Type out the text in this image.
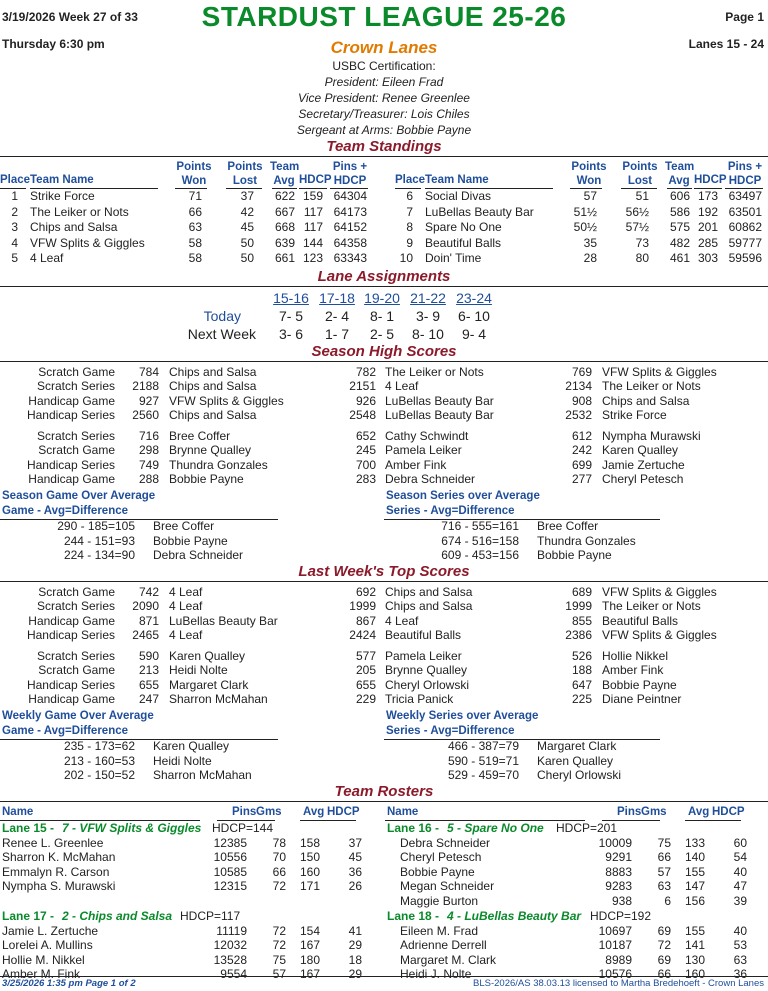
3/19/2026 Week 27 of 33	STARDUST LEAGUE 25-26	Page 1
Thursday 6:30 pm	Crown Lanes	Lanes 15 - 24
USBC Certification:
President: Eileen Frad
Vice President: Renee Greenlee
Secretary/Treasurer: Lois Chiles
Sergeant at Arms: Bobbie Payne
Team Standings
Place Team Name
Points Won
Points Lost
Team Avg HDCP
Pins + HDCP
1 Strike Force	71	37	622 159 64304
2 The Leiker or Nots	66	42	667 117 64173
3 Chips and Salsa	63	45	668 117 64152
4 VFW Splits & Giggles	58	50	639 144 64358
5 4 Leaf	58	50	661 123 63343
Place Team Name
Points Won
Points Lost
Team Avg HDCP
Pins + HDCP
6 Social Divas	57	51	606 173 63497
7 LuBellas Beauty Bar	51½	56½	586 192 63501
8 Spare No One	50½	57½	575 201 60862
9 Beautiful Balls	35	73	482 285 59777
10 Doin' Time	28	80	461 303 59596
Lane Assignments
15-16 17-18 19-20 21-22 23-24
Today
Next Week
7- 5	2- 4	8- 1	3- 9	6- 10
3- 6	1- 7	2- 5	8- 10	9- 4
Season High Scores
Scratch Game	784 Chips and Salsa	782 The Leiker or Nots	769 VFW Splits & Giggles
Scratch Series	2188 Chips and Salsa	2151 4 Leaf	2134 The Leiker or Nots
Handicap Game	927 VFW Splits & Giggles	926 LuBellas Beauty Bar	908 Chips and Salsa
Handicap Series	2560 Chips and Salsa	2548 LuBellas Beauty Bar	2532 Strike Force
Scratch Series	716 Bree Coffer	652 Cathy Schwindt	612 Nympha Murawski
Scratch Game	298 Brynne Qualley	245 Pamela Leiker	242 Karen Qualley
Handicap Series	749 Thundra Gonzales	700 Amber Fink	699 Jamie Zertuche
Handicap Game	288 Bobbie Payne	283 Debra Schneider	277 Cheryl Petesch
Season Game Over Average
Game - Avg=Difference
Season Series over Average
Series - Avg=Difference
290 - 185=105 Bree Coffer
244 - 151=93 Bobbie Payne
224 - 134=90 Debra Schneider
716 - 555=161 Bree Coffer
674 - 516=158 Thundra Gonzales
609 - 453=156 Bobbie Payne
Last Week's Top Scores
Scratch Game	742 4 Leaf	692 Chips and Salsa	689 VFW Splits & Giggles
Scratch Series	2090 4 Leaf	1999 Chips and Salsa	1999 The Leiker or Nots
Handicap Game	871 LuBellas Beauty Bar	867 4 Leaf	855 Beautiful Balls
Handicap Series	2465 4 Leaf	2424 Beautiful Balls	2386 VFW Splits & Giggles
Scratch Series	590 Karen Qualley	577 Pamela Leiker	526 Hollie Nikkel
Scratch Game	213 Heidi Nolte	205 Brynne Qualley	188 Amber Fink
Handicap Series	655 Margaret Clark	655 Cheryl Orlowski	647 Bobbie Payne
Handicap Game	247 Sharron McMahan	229 Tricia Panick	225 Diane Peintner
Weekly Game Over Average
Game - Avg=Difference
Weekly Series over Average
Series - Avg=Difference
235 - 173=62 Karen Qualley
213 - 160=53 Heidi Nolte
202 - 150=52 Sharron McMahan
466 - 387=79 Margaret Clark
590 - 519=71 Karen Qualley
529 - 459=70 Cheryl Orlowski
Team Rosters
Name	Pins Gms Avg HDCP Name	Pins Gms Avg HDCP
Lane 15 - 7 - VFW Splits & Giggles HDCP=144
Renee L. Greenlee	12385	78	158	37
Sharron K. McMahan	10556	70	150	45
Emmalyn R. Carson	10585	66	160	36
Nympha S. Murawski	12315	72	171	26
Lane 16 - 5 - Spare No One HDCP=201
Debra Schneider	10009	75	133	60
Cheryl Petesch	9291	66	140	54
Bobbie Payne	8883	57	155	40
Megan Schneider	9283	63	147	47
Maggie Burton	938	6	156	39
Lane 17 - 2 - Chips and Salsa HDCP=117
Jamie L. Zertuche	11119	72	154	41
Lorelei A. Mullins	12032	72	167	29
Hollie M. Nikkel	13528	75	180	18
Amber M. Fink	9554	57	167	29
Lane 18 - 4 - LuBellas Beauty Bar HDCP=192
Eileen M. Frad	10697	69	155	40
Adrienne Derrell	10187	72	141	53
Margaret M. Clark	8989	69	130	63
Heidi J. Nolte	10576	66	160	36
3/25/2026 1:35 pm Page 1 of 2	BLS-2026/AS 38.03.13 licensed to Martha Bredehoeft - Crown Lanes
